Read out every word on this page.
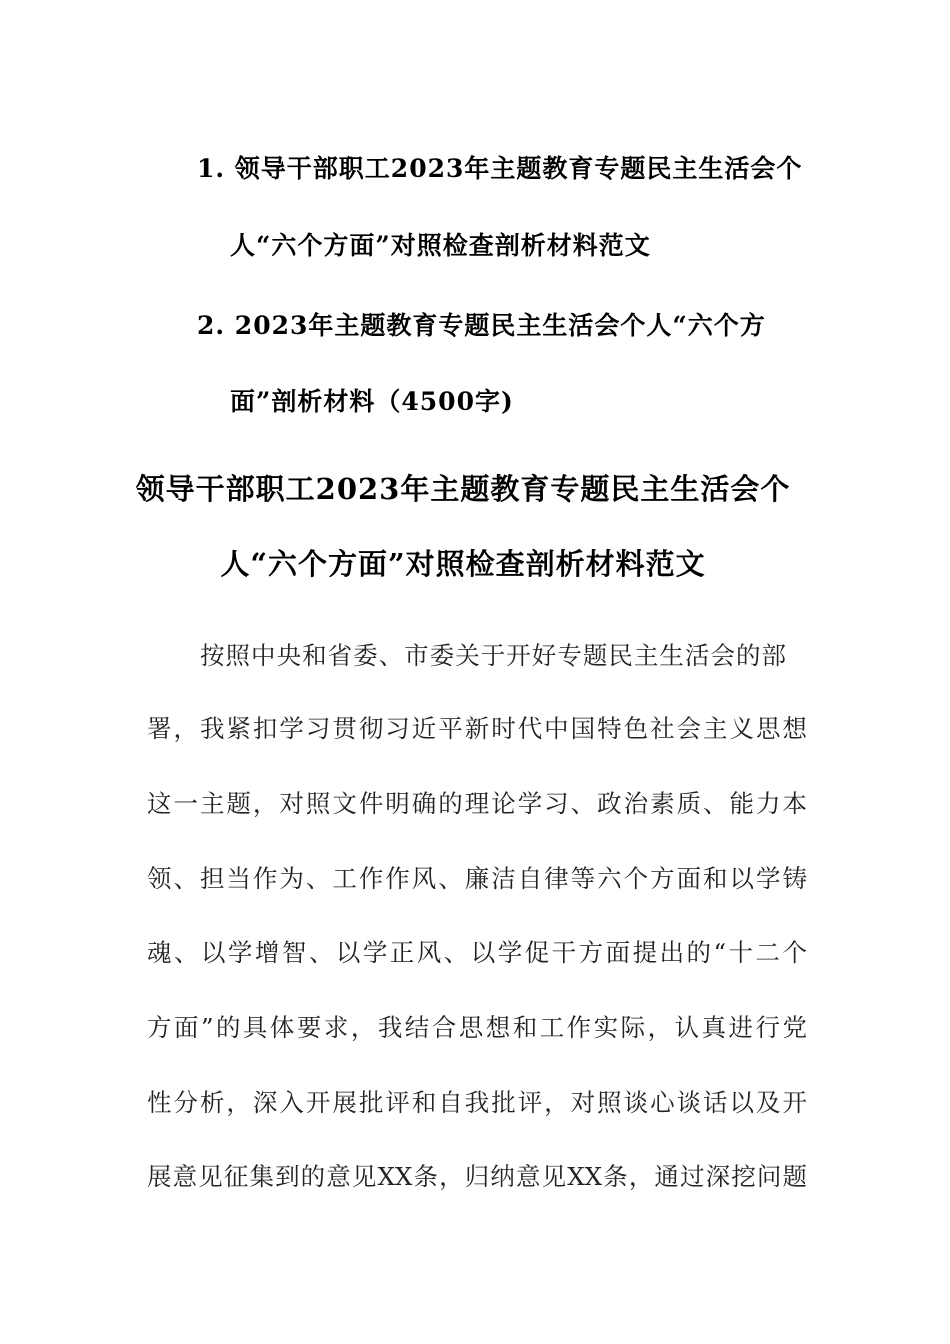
1. 领导干部职工2023年主题教育专题民主生活会个
人“六个方面”对照检查剖析材料范文
2. 2023年主题教育专题民主生活会个人“六个方
面”剖析材料（4500字)
领导干部职工2023年主题教育专题民主生活会个
人“六个方面”对照检查剖析材料范文
按照中央和省委、市委关于开好专题民主生活会的部
署，我紧扣学习贯彻习近平新时代中国特色社会主义思想
这一主题，对照文件明确的理论学习、政治素质、能力本
领、担当作为、工作作风、廉洁自律等六个方面和以学铸
魂、以学增智、以学正风、以学促干方面提出的“十二个
方面”的具体要求，我结合思想和工作实际，认真进行党
性分析，深入开展批评和自我批评，对照谈心谈话以及开
展意见征集到的意见XX条，归纳意见XX条，通过深挖问题
